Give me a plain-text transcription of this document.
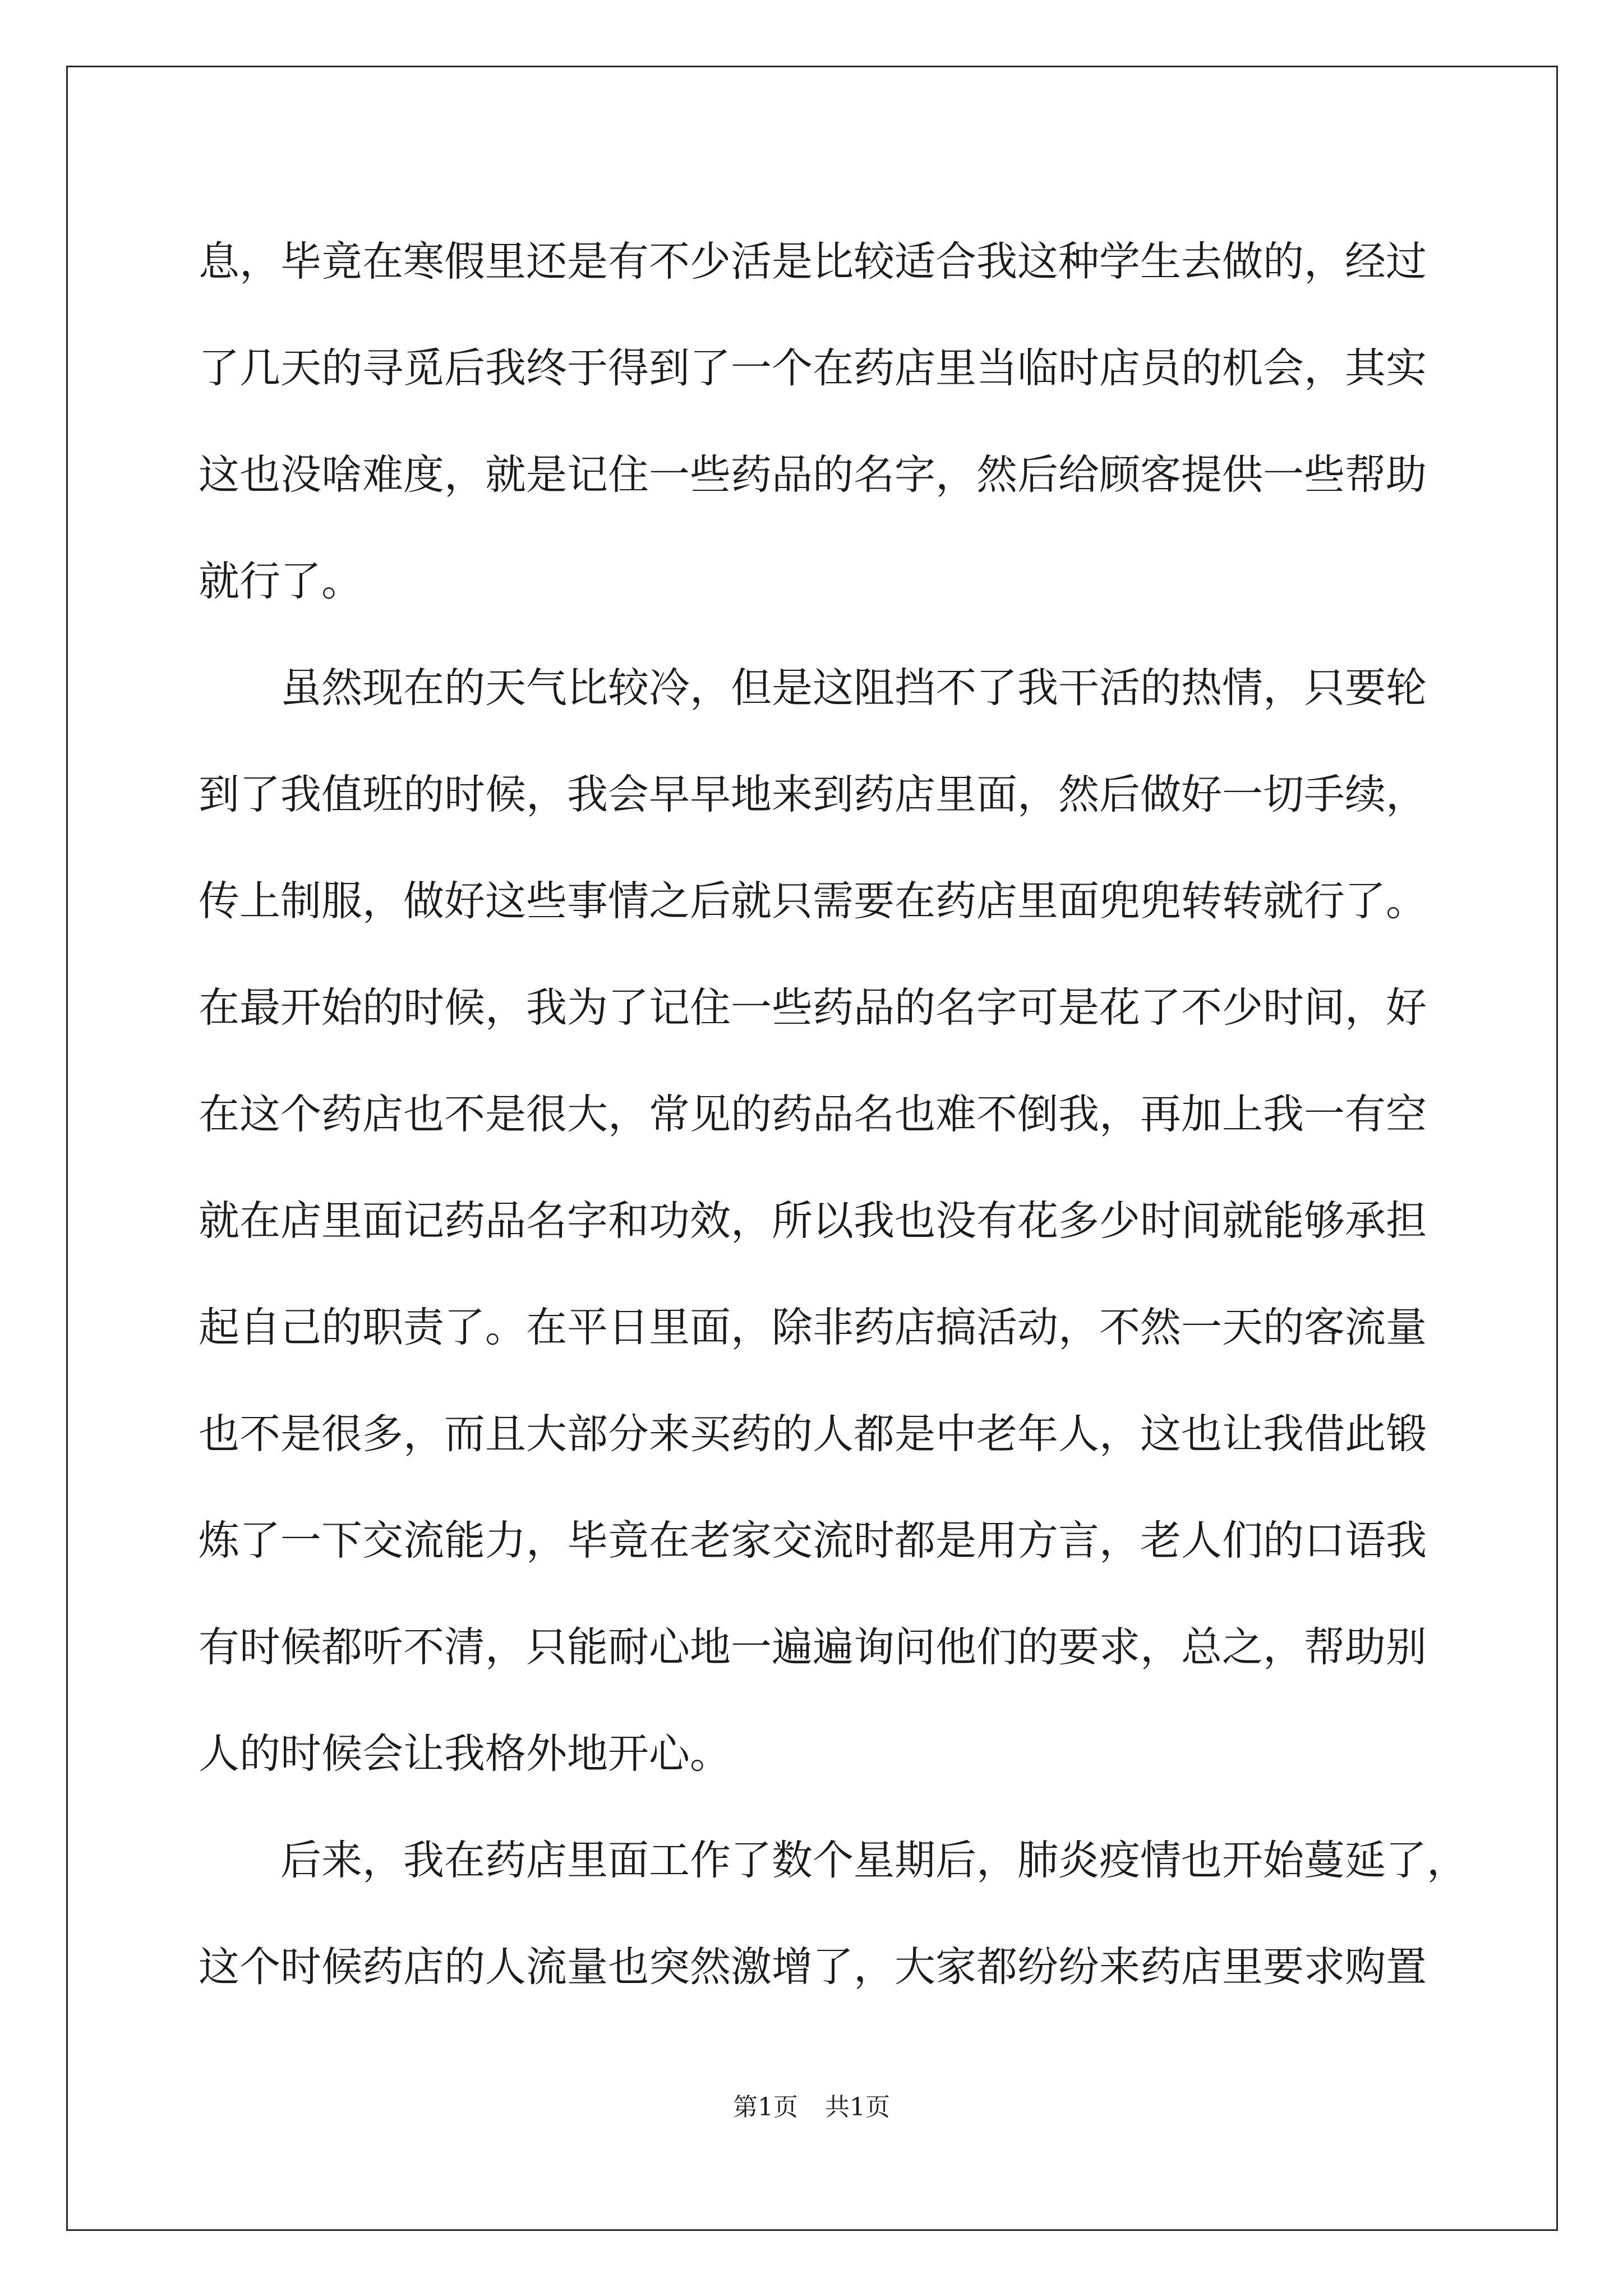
息，毕竟在寒假里还是有不少活是比较适合我这种学生去做的，经过
了几天的寻觅后我终于得到了一个在药店里当临时店员的机会，其实
这也没啥难度，就是记住一些药品的名字，然后给顾客提供一些帮助
就行了。
虽然现在的天气比较冷，但是这阻挡不了我干活的热情，只要轮
到了我值班的时候，我会早早地来到药店里面，然后做好一切手续，
传上制服，做好这些事情之后就只需要在药店里面兜兜转转就行了。
在最开始的时候，我为了记住一些药品的名字可是花了不少时间，好
在这个药店也不是很大，常见的药品名也难不倒我，再加上我一有空
就在店里面记药品名字和功效，所以我也没有花多少时间就能够承担
起自己的职责了。在平日里面，除非药店搞活动，不然一天的客流量
也不是很多，而且大部分来买药的人都是中老年人，这也让我借此锻
炼了一下交流能力，毕竟在老家交流时都是用方言，老人们的口语我
有时候都听不清，只能耐心地一遍遍询问他们的要求，总之，帮助别
人的时候会让我格外地开心。
后来，我在药店里面工作了数个星期后，肺炎疫情也开始蔓延了，
这个时候药店的人流量也突然激增了，大家都纷纷来药店里要求购置
第1页 共1页
